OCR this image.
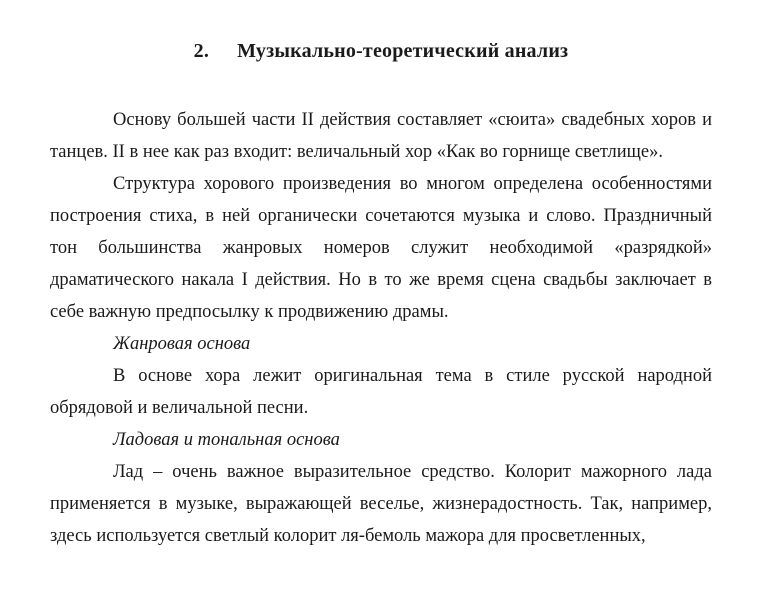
2. Музыкально-теоретический анализ

Основу большей части II действия составляет «сюита» свадебных хоров и танцев. II в нее как раз входит: величальный хор «Как во горнище светлище».

Структура хорового произведения во многом определена особенностями построения стиха, в ней органически сочетаются музыка и слово. Праздничный тон большинства жанровых номеров служит необходимой «разрядкой» драматического накала I действия. Но в то же время сцена свадьбы заключает в себе важную предпосылку к продвижению драмы.

Жанровая основа

В основе хора лежит оригинальная тема в стиле русской народной обрядовой и величальной песни.

Ладовая и тональная основа

Лад – очень важное выразительное средство. Колорит мажорного лада применяется в музыке, выражающей веселье, жизнерадостность. Так, например, здесь используется светлый колорит ля-бемоль мажора для просветленных,
